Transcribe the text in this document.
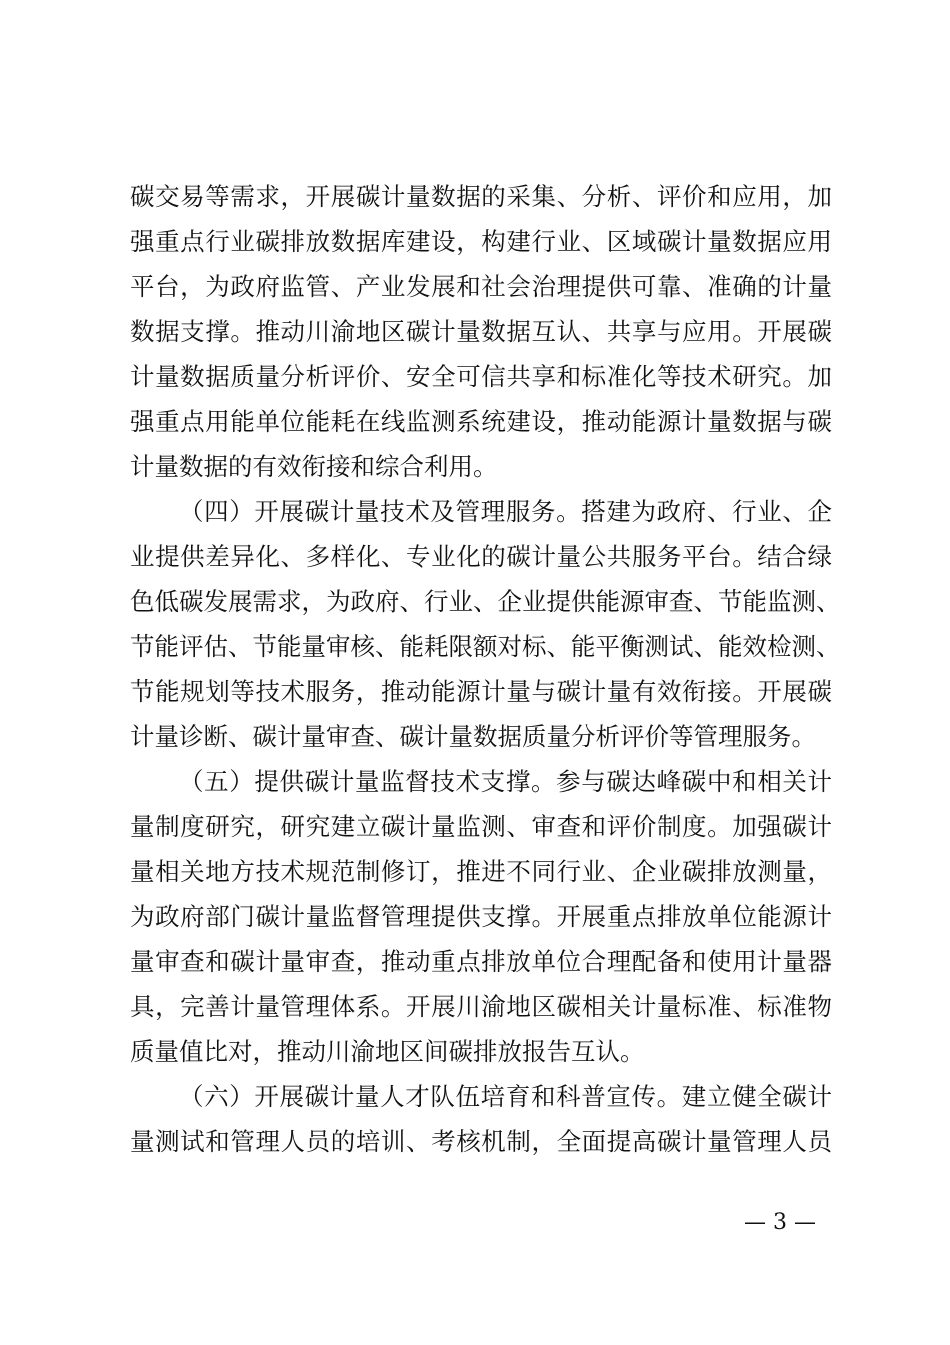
碳交易等需求，开展碳计量数据的采集、分析、评价和应用，加
强重点行业碳排放数据库建设，构建行业、区域碳计量数据应用
平台，为政府监管、产业发展和社会治理提供可靠、准确的计量
数据支撑。推动川渝地区碳计量数据互认、共享与应用。开展碳
计量数据质量分析评价、安全可信共享和标准化等技术研究。加
强重点用能单位能耗在线监测系统建设，推动能源计量数据与碳
计量数据的有效衔接和综合利用。
（四）开展碳计量技术及管理服务。搭建为政府、行业、企
业提供差异化、多样化、专业化的碳计量公共服务平台。结合绿
色低碳发展需求，为政府、行业、企业提供能源审查、节能监测、
节能评估、节能量审核、能耗限额对标、能平衡测试、能效检测、
节能规划等技术服务，推动能源计量与碳计量有效衔接。开展碳
计量诊断、碳计量审查、碳计量数据质量分析评价等管理服务。
（五）提供碳计量监督技术支撑。参与碳达峰碳中和相关计
量制度研究，研究建立碳计量监测、审查和评价制度。加强碳计
量相关地方技术规范制修订，推进不同行业、企业碳排放测量，
为政府部门碳计量监督管理提供支撑。开展重点排放单位能源计
量审查和碳计量审查，推动重点排放单位合理配备和使用计量器
具，完善计量管理体系。开展川渝地区碳相关计量标准、标准物
质量值比对，推动川渝地区间碳排放报告互认。
（六）开展碳计量人才队伍培育和科普宣传。建立健全碳计
量测试和管理人员的培训、考核机制，全面提高碳计量管理人员
— 3 —
